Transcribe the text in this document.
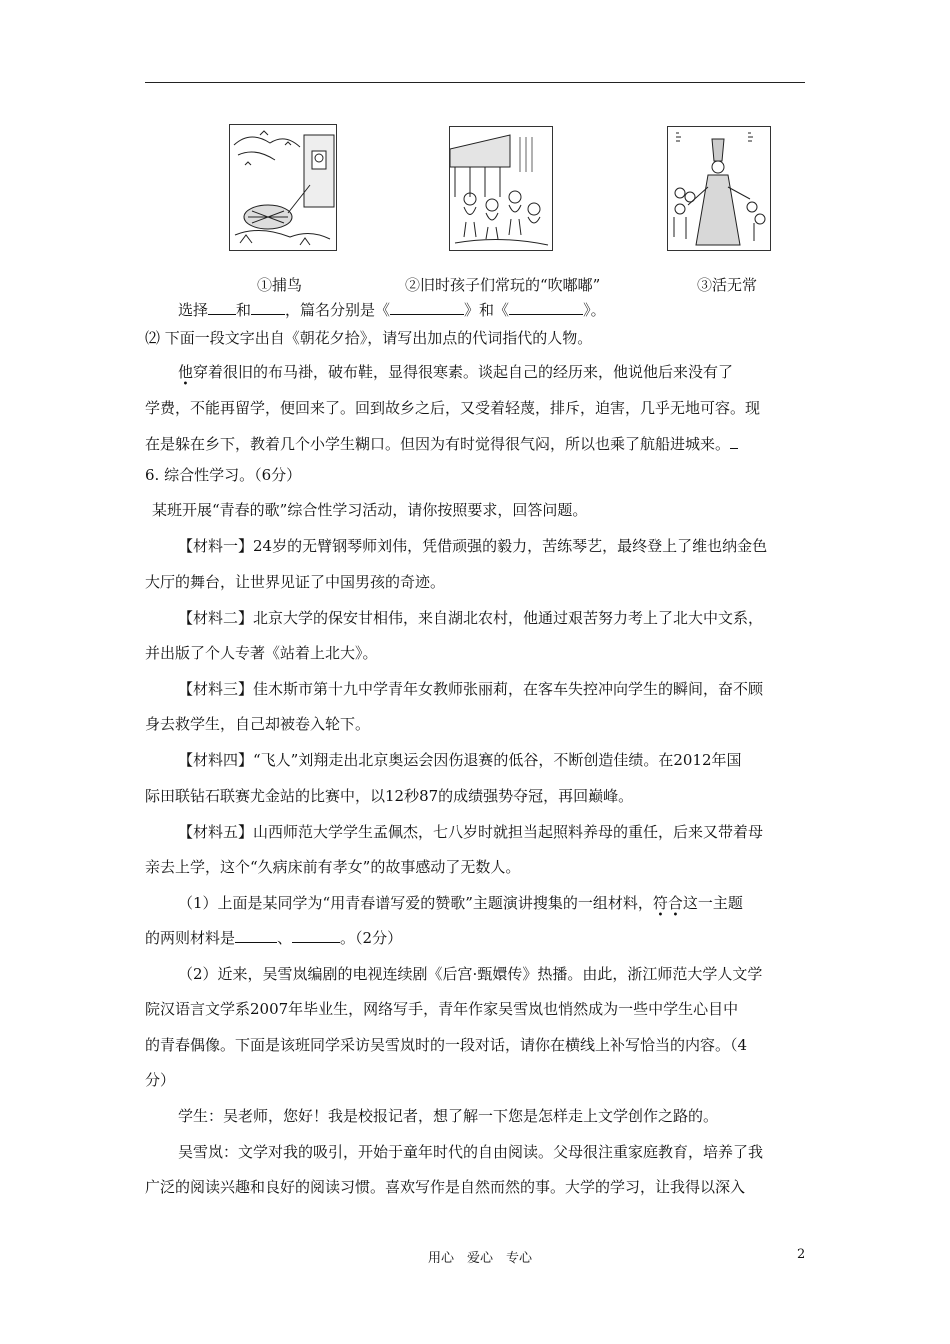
①捕鸟	②旧时孩子们常玩的“吹嘟嘟”	③活无常
选择 和 ，篇名分别是《	》和《	》。
⑵ 下面一段文字出自《朝花夕拾》，请写出加点的代词指代的人物。
他穿着很旧的布马褂，破布鞋，显得很寒素。谈起自己的经历来，他说他后来没有了
学费，不能再留学，便回来了。回到故乡之后，又受着轻蔑，排斥，迫害，几乎无地可容。现
在是躲在乡下，教着几个小学生糊口。但因为有时觉得很气闷，所以也乘了航船进城来。
6. 综合性学习。（6分）
某班开展“青春的歌”综合性学习活动，请你按照要求，回答问题。
【材料一】24岁的无臂钢琴师刘伟，凭借顽强的毅力，苦练琴艺，最终登上了维也纳金色
大厅的舞台，让世界见证了中国男孩的奇迹。
【材料二】北京大学的保安甘相伟，来自湖北农村，他通过艰苦努力考上了北大中文系，
并出版了个人专著《站着上北大》。
【材料三】佳木斯市第十九中学青年女教师张丽莉，在客车失控冲向学生的瞬间，奋不顾
身去救学生，自己却被卷入轮下。
【材料四】“飞人”刘翔走出北京奥运会因伤退赛的低谷，不断创造佳绩。在2012年国
际田联钻石联赛尤金站的比赛中，以12秒87的成绩强势夺冠，再回巅峰。
【材料五】山西师范大学学生孟佩杰，七八岁时就担当起照料养母的重任，后来又带着母
亲去上学，这个“久病床前有孝女”的故事感动了无数人。
（1）上面是某同学为“用青春谱写爱的赞歌”主题演讲搜集的一组材料，符合这一主题
的两则材料是	、	。（2分）
（2）近来，吴雪岚编剧的电视连续剧《后宫·甄嬛传》热播。由此，浙江师范大学人文学
院汉语言文学系2007年毕业生，网络写手，青年作家吴雪岚也悄然成为一些中学生心目中
的青春偶像。下面是该班同学采访吴雪岚时的一段对话，请你在横线上补写恰当的内容。（4
分）
学生：吴老师，您好！我是校报记者，想了解一下您是怎样走上文学创作之路的。
吴雪岚：文学对我的吸引，开始于童年时代的自由阅读。父母很注重家庭教育，培养了我
广泛的阅读兴趣和良好的阅读习惯。喜欢写作是自然而然的事。大学的学习，让我得以深入
用心　爱心　专心	2
